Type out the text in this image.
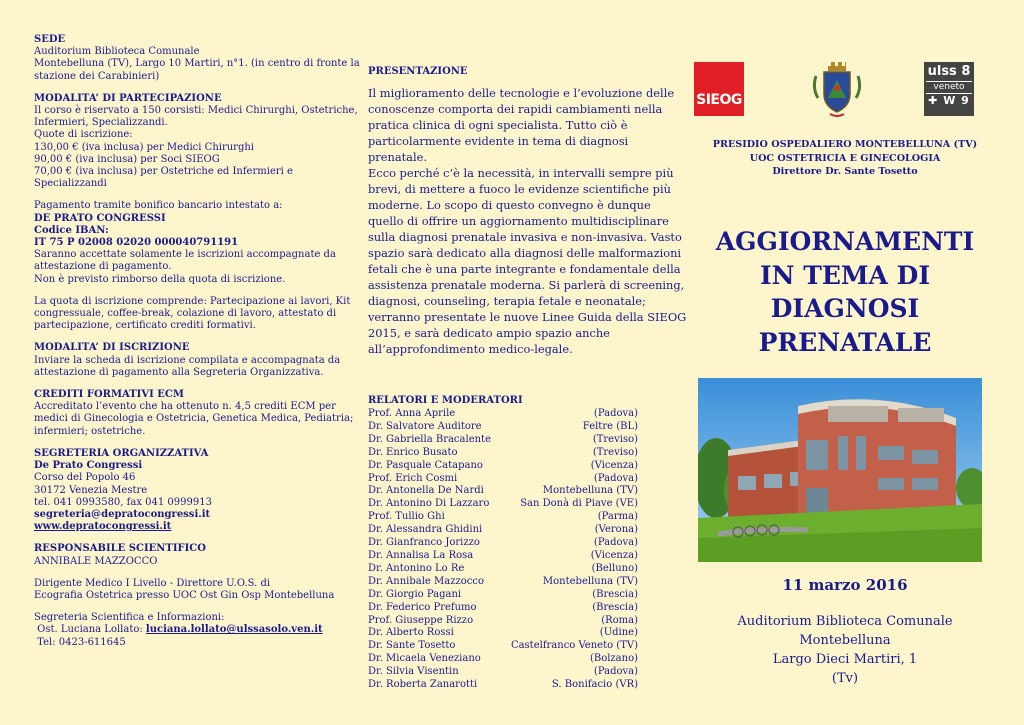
SEDE
Auditorium Biblioteca Comunale
Montebelluna (TV), Largo 10 Martiri, n°1. (in centro di fronte la
stazione dei Carabinieri)
MODALITA’ DI PARTECIPAZIONE
Il corso è riservato a 150 corsisti: Medici Chirurghi, Ostetriche,
Infermieri, Specializzandi.
Quote di iscrizione:
130,00 € (iva inclusa) per Medici Chirurghi
90,00 € (iva inclusa) per Soci SIEOG
70,00 € (iva inclusa) per Ostetriche ed Infermieri e
Specializzandi
Pagamento tramite bonifico bancario intestato a:
DE PRATO CONGRESSI
Codice IBAN:
IT 75 P 02008 02020 000040791191
Saranno accettate solamente le iscrizioni accompagnate da
attestazione di pagamento.
Non è previsto rimborso della quota di iscrizione.
La quota di iscrizione comprende: Partecipazione ai lavori, Kit
congressuale, coffee-break, colazione di lavoro, attestato di
partecipazione, certificato crediti formativi.
MODALITA’ DI ISCRIZIONE
Inviare la scheda di iscrizione compilata e accompagnata da
attestazione di pagamento alla Segreteria Organizzativa.
CREDITI FORMATIVI ECM
Accreditato l’evento che ha ottenuto n. 4,5 crediti ECM per
medici di Ginecologia e Ostetricia, Genetica Medica, Pediatria;
infermieri; ostetriche.
SEGRETERIA ORGANIZZATIVA
De Prato Congressi
Corso del Popolo 46
30172 Venezia Mestre
tel. 041 0993580, fax 041 0999913
segreteria@depratocongressi.it
www.depratocongressi.it
RESPONSABILE SCIENTIFICO
ANNIBALE MAZZOCCO
Dirigente Medico I Livello - Direttore U.O.S. di
Ecografia Ostetrica presso UOC Ost Gin Osp Montebelluna
Segreteria Scientifica e Informazioni:
Ost. Luciana Lollato: luciana.lollato@ulssasolo.ven.it
Tel: 0423-611645
PRESENTAZIONE
Il miglioramento delle tecnologie e l’evoluzione delle
conoscenze comporta dei rapidi cambiamenti nella
pratica clinica di ogni specialista. Tutto ciò è
particolarmente evidente in tema di diagnosi
prenatale.
Ecco perché c’è la necessità, in intervalli sempre più
brevi, di mettere a fuoco le evidenze scientifiche più
moderne. Lo scopo di questo convegno è dunque
quello di offrire un aggiornamento multidisciplinare
sulla diagnosi prenatale invasiva e non-invasiva. Vasto
spazio sarà dedicato alla diagnosi delle malformazioni
fetali che è una parte integrante e fondamentale della
assistenza prenatale moderna. Si parlerà di screening,
diagnosi, counseling, terapia fetale e neonatale;
verranno presentate le nuove Linee Guida della SIEOG
2015, e sarà dedicato ampio spazio anche
all’approfondimento medico-legale.
RELATORI E MODERATORI
Prof. Anna Aprile	(Padova)
Dr. Salvatore Auditore	Feltre (BL)
Dr. Gabriella Bracalente	(Treviso)
Dr. Enrico Busato	(Treviso)
Dr. Pasquale Catapano	(Vicenza)
Prof. Erich Cosmi	(Padova)
Dr. Antonella De Nardi	Montebelluna (TV)
Dr. Antonino Di Lazzaro	San Donà di Piave (VE)
Prof. Tullio Ghi	(Parma)
Dr. Alessandra Ghidini	(Verona)
Dr. Gianfranco Jorizzo	(Padova)
Dr. Annalisa La Rosa	(Vicenza)
Dr. Antonino Lo Re	(Belluno)
Dr. Annibale Mazzocco	Montebelluna (TV)
Dr. Giorgio Pagani	(Brescia)
Dr. Federico Prefumo	(Brescia)
Prof. Giuseppe Rizzo	(Roma)
Dr. Alberto Rossi	(Udine)
Dr. Sante Tosetto	Castelfranco Veneto (TV)
Dr. Micaela Veneziano	(Bolzano)
Dr. Silvia Visentin	(Padova)
Dr. Roberta Zanarotti	S. Bonifacio (VR)
SIEOG
ulss 8
veneto
✚ W 9
PRESIDIO OSPEDALIERO MONTEBELLUNA (TV)
UOC OSTETRICIA E GINECOLOGIA
Direttore Dr. Sante Tosetto
AGGIORNAMENTI
IN TEMA DI
DIAGNOSI
PRENATALE
11 marzo 2016
Auditorium Biblioteca Comunale
Montebelluna
Largo Dieci Martiri, 1
(Tv)
